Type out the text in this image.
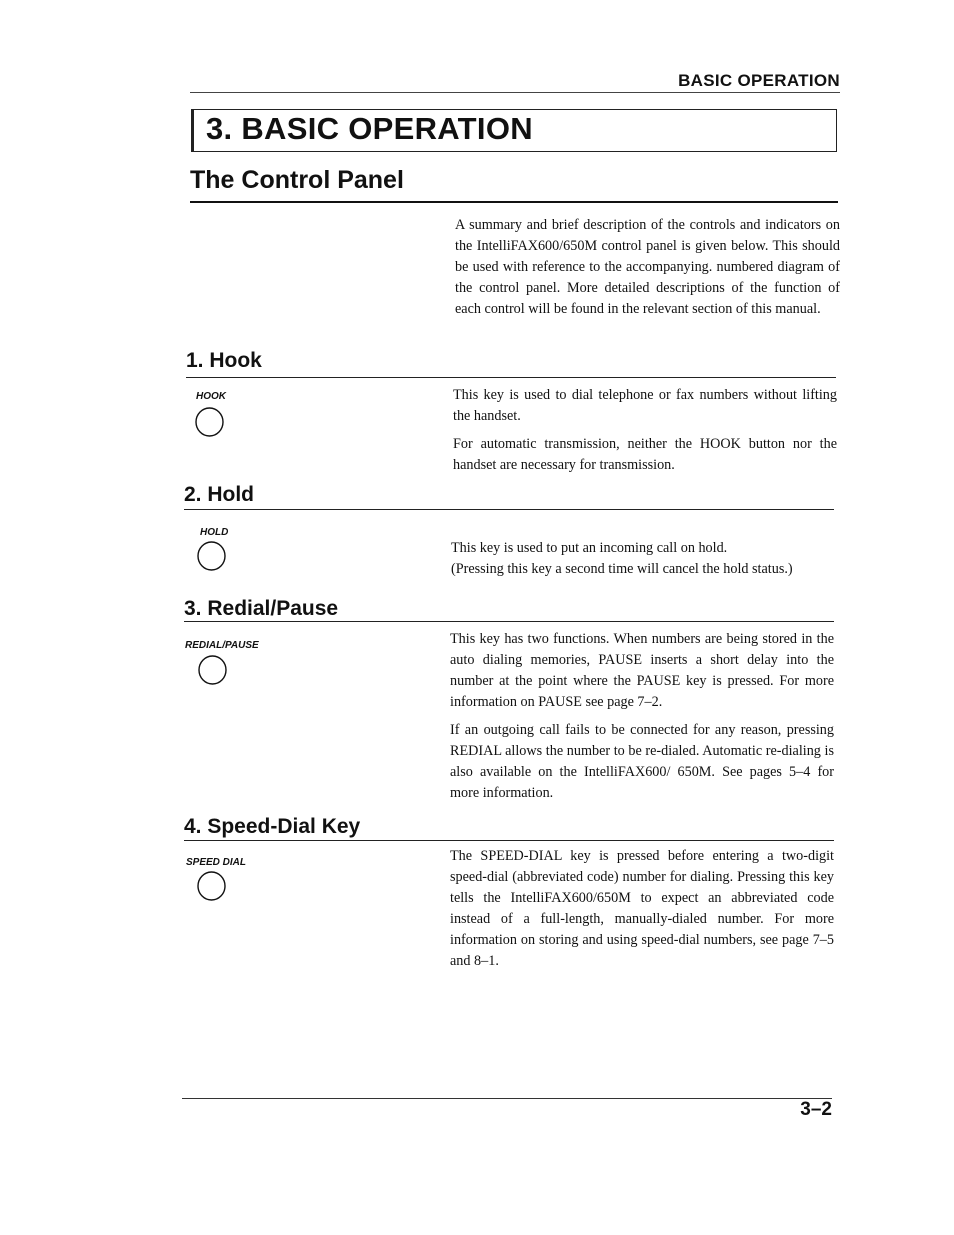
BASIC OPERATION
3. BASIC OPERATION
The Control Panel
A summary and brief description of the controls and indicators on the IntelliFAX600/650M control panel is given below. This should be used with reference to the accompanying. numbered diagram of the control panel. More detailed descriptions of the function of each control will be found in the relevant section of this manual.
1. Hook
HOOK	This key is used to dial telephone or fax numbers without lifting the handset.

For automatic transmission, neither the HOOK button nor the handset are necessary for transmission.

2. Hold
HOLD

This key is used to put an incoming call on hold.
(Pressing this key a second time will cancel the hold status.)

3. Redial/Pause
REDIAL/PAUSE	This key has two functions. When numbers are being stored in the auto dialing memories, PAUSE inserts a short delay into the number at the point where the PAUSE key is pressed. For more information on PAUSE see page 7–2.

If an outgoing call fails to be connected for any reason, pressing REDIAL allows the number to be re-dialed. Automatic re-dialing is also available on the IntelliFAX600/ 650M. See pages 5–4 for more information.

4. Speed-Dial Key
SPEED DIAL	The SPEED-DIAL key is pressed before entering a two-digit speed-dial (abbreviated code) number for dialing. Pressing this key tells the IntelliFAX600/650M to expect an abbreviated code instead of a full-length, manually-dialed number. For more information on storing and using speed-dial numbers, see page 7–5 and 8–1.

3–2
